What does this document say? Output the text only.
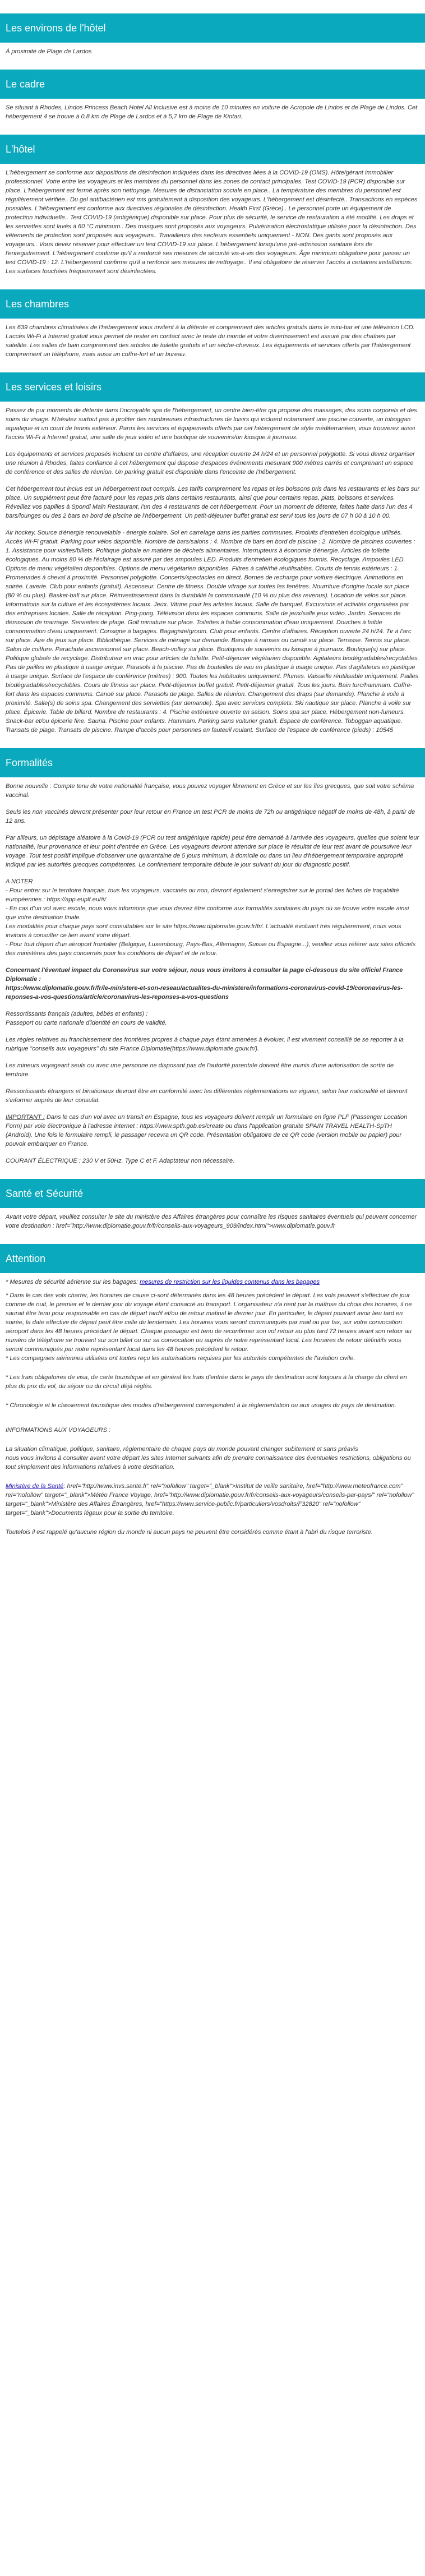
Les environs de l'hôtel

À proximité de Plage de Lardos

Le cadre

Se situant à Rhodes, Lindos Princess Beach Hotel All Inclusive est à moins de 10 minutes en voiture de Acropole de Lindos et de Plage de Lindos. Cet hébergement 4 se trouve à 0,8 km de Plage de Lardos et à 5,7 km de Plage de Kiotari.

L'hôtel

L'hébergement se conforme aux dispositions de désinfection indiquées dans les directives liées à la COVID-19 (OMS). Hôte/gérant immobilier professionnel. Votre entre les voyageurs et les membres du personnel dans les zones de contact principales. Test COVID-19 (PCR) disponible sur place. L'hébergement est fermé après son nettoyage. Mesures de distanciation sociale en place.. La température des membres du personnel est régulièrement vérifiée.. Du gel antibactérien est mis gratuitement à disposition des voyageurs. L'hébergement est désinfecté.. Transactions en espèces possibles. L'hébergement est conforme aux directives régionales de désinfection. Health First (Grèce).. Le personnel porte un équipement de protection individuelle.. Test COVID-19 (antigénique) disponible sur place. Pour plus de sécurité, le service de restauration a été modifié. Les draps et les serviettes sont lavés à 60 °C minimum.. Des masques sont proposés aux voyageurs. Pulvérisation électrostatique utilisée pour la désinfection. Des vêtements de protection sont proposés aux voyageurs.. Travailleurs des secteurs essentiels uniquement - NON. Des gants sont proposés aux voyageurs.. Vous devez réserver pour effectuer un test COVID-19 sur place. L'hébergement lorsqu'une pré-admission sanitaire lors de l'enregistrement. L'hébergement confirme qu'il a renforcé ses mesures de sécurité vis-à-vis des voyageurs. Âge minimum obligatoire pour passer un test COVID-19 : 12. L'hébergement confirme qu'il a renforcé ses mesures de nettoyage.. Il est obligatoire de réserver l'accès à certaines installations. Les surfaces touchées fréquemment sont désinfectées.

Les chambres

Les 639 chambres climatisées de l'hébergement vous invitent à la détente et comprennent des articles gratuits dans le mini-bar et une télévision LCD. Laccès Wi-Fi à Internet gratuit vous permet de rester en contact avec le reste du monde et votre divertissement est assuré par des chaînes par satellite. Les salles de bain comprennent des articles de toilette gratuits et un sèche-cheveux. Les équipements et services offerts par l'hébergement comprennent un téléphone, mais aussi un coffre-fort et un bureau.

Les services et loisirs

Passez de pur moments de détente dans l'incroyable spa de l'hébergement, un centre bien-être qui propose des massages, des soins corporels et des soins du visage. N'hésitez surtout pas à profiter des nombreuses infrastructures de loisirs qui incluent notamment une piscine couverte, un toboggan aquatique et un court de tennis extérieur. Parmi les services et équipements offerts par cet hébergement de style méditerranéen, vous trouverez aussi l'accès Wi-Fi à Internet gratuit, une salle de jeux vidéo et une boutique de souvenirs/un kiosque à journaux.

Les équipements et services proposés incluent un centre d'affaires, une réception ouverte 24 h/24 et un personnel polyglotte. Si vous devez organiser une réunion à Rhodes, faites confiance à cet hébergement qui dispose d'espaces événements mesurant 900 mètres carrés et comprenant un espace de conférence et des salles de réunion. Un parking gratuit est disponible dans l'enceinte de l'hébergement.

Cet hébergement tout inclus est un hébergement tout compris. Les tarifs comprennent les repas et les boissons pris dans les restaurants et les bars sur place. Un supplément peut être facturé pour les repas pris dans certains restaurants, ainsi que pour certains repas, plats, boissons et services. Réveillez vos papilles à Spondi Main Restaurant, l'un des 4 restaurants de cet hébergement. Pour un moment de détente, faites halte dans l'un des 4 bars/lounges ou des 2 bars en bord de piscine de l'hébergement. Un petit-déjeuner buffet gratuit est servi tous les jours de 07 h 00 à 10 h 00.

Air hockey. Source d'énergie renouvelable - énergie solaire. Sol en carrelage dans les parties communes. Produits d'entretien écologique utilisés. Accès Wi-Fi gratuit. Parking pour vélos disponible. Nombre de bars/salons : 4. Nombre de bars en bord de piscine : 2. Nombre de piscines couvertes : 1. Assistance pour visites/billets. Politique globale en matière de déchets alimentaires. Interrupteurs à économie d'énergie. Articles de toilette écologiques. Au moins 80 % de l'éclairage est assuré par des ampoules LED. Produits d'entretien écologiques fournis. Recyclage. Ampoules LED. Options de menu végétalien disponibles. Options de menu végétarien disponibles. Filtres à café/thé réutilisables. Courts de tennis extérieurs : 1. Promenades à cheval à proximité. Personnel polyglotte. Concerts/spectacles en direct. Bornes de recharge pour voiture électrique. Animations en soirée. Laverie. Club pour enfants (gratuit). Ascenseur. Centre de fitness. Double vitrage sur toutes les fenêtres. Nourriture d'origine locale sur place (80 % ou plus). Basket-ball sur place. Réinvestissement dans la durabilité la communauté (10 % ou plus des revenus). Location de vélos sur place. Informations sur la culture et les écosystèmes locaux. Jeux. Vitrine pour les artistes locaux. Salle de banquet. Excursions et activités organisées par des entreprises locales. Salle de réception. Ping-pong. Télévision dans les espaces communs. Salle de jeux/salle jeux vidéo. Jardin. Services de démission de marriage. Serviettes de plage. Golf miniature sur place. Toilettes à faible consommation d'eau uniquement. Douches à faible consommation d'eau uniquement. Consigne à bagages. Bagagiste/groom. Club pour enfants. Centre d'affaires. Réception ouverte 24 h/24. Tir à l'arc sur place. Aire de jeux sur place. Bibliothèque. Services de ménage sur demande. Banque à ramses ou canoë sur place. Terrasse. Tennis sur place. Salon de coiffure. Parachute ascensionnel sur place. Beach-volley sur place. Boutiques de souvenirs ou kiosque à journaux. Boutique(s) sur place. Politique globale de recyclage. Distributeur en vrac pour articles de toilette. Petit-déjeuner végétarien disponible. Agitateurs biodégradables/recyclables. Pas de pailles en plastique à usage unique. Parasols à la piscine. Pas de bouteilles de eau en plastique à usage unique. Pas d'agitateurs en plastique à usage unique. Surface de l'espace de conférence (mètres) : 900. Toutes les habitudes uniquement. Plumes. Vaisselle réutilisable uniquement. Pailles biodégradables/recyclables. Cours de fitness sur place. Petit-déjeuner buffet gratuit. Petit-déjeuner gratuit. Tous les jours. Bain turc/hammam. Coffre-fort dans les espaces communs. Canoë sur place. Parasols de plage. Salles de réunion. Changement des draps (sur demande). Planche à voile à proximité. Salle(s) de soins spa. Changement des serviettes (sur demande). Spa avec services complets. Ski nautique sur place. Planche à voile sur place. Épicerie. Table de billard. Nombre de restaurants : 4. Piscine extérieure ouverte en saison. Soins spa sur place. Hébergement non-fumeurs. Snack-bar et/ou épicerie fine. Sauna. Piscine pour enfants. Hammam. Parking sans voiturier gratuit. Espace de conférence. Toboggan aquatique. Transats de plage. Transats de piscine. Rampe d'accès pour personnes en fauteuil roulant. Surface de l'espace de conférence (pieds) : 10545

Formalités

Bonne nouvelle : Compte tenu de votre nationalité française, vous pouvez voyager librement en Grèce et sur les îles grecques, que soit votre schéma vaccinal.

Seuls les non vaccinés devront présenter pour leur retour en France un test PCR de moins de 72h ou antigénique négatif de moins de 48h, à partir de 12 ans.

Par ailleurs, un dépistage aléatoire à la Covid-19 (PCR ou test antigénique rapide) peut être demandé à l'arrivée des voyageurs, quelles que soient leur nationalité, leur provenance et leur point d'entrée en Grèce. Les voyageurs devront attendre sur place le résultat de leur test avant de poursuivre leur voyage. Tout test positif implique d'observer une quarantaine de 5 jours minimum, à domicile ou dans un lieu d'hébergement temporaire approprié indiqué par les autorités grecques compétentes. Le confinement temporaire débute le jour suivant du jour du diagnostic positif.

A NOTER
- Pour entrer sur le territoire français, tous les voyageurs, vaccinés ou non, devront également s'enregistrer sur le portail des fiches de traçabilité européennes : https://app.euplf.eu/#/
- En cas d'un vol avec escale, nous vous informons que vous devrez être conforme aux formalités sanitaires du pays où se trouve votre escale ainsi que votre destination finale.
Les modalités pour chaque pays sont consultables sur le site https://www.diplomatie.gouv.fr/fr/. L'actualité évoluant très régulièrement, nous vous invitons à consulter ce lien avant votre départ.
- Pour tout départ d'un aéroport frontalier (Belgique, Luxembourg, Pays-Bas, Allemagne, Suisse ou Espagne...), veuillez vous référer aux sites officiels des ministères des pays concernés pour les conditions de départ et de retour.

Concernant l'éventuel impact du Coronavirus sur votre séjour, nous vous invitons à consulter la page ci-dessous du site officiel France Diplomatie :
https://www.diplomatie.gouv.fr/fr/le-ministere-et-son-reseau/actualites-du-ministere/informations-coronavirus-covid-19/coronavirus-les-reponses-a-vos-questions/article/coronavirus-les-reponses-a-vos-questions

Ressortissants français (adultes, bébés et enfants) :
Passeport ou carte nationale d'identité en cours de validité.

Les règles relatives au franchissement des frontières propres à chaque pays étant amenées à évoluer, il est vivement conseillé de se reporter à la rubrique "conseils aux voyageurs" du site France Diplomatie(https://www.diplomatie.gouv.fr/).

Les mineurs voyageant seuls ou avec une personne ne disposant pas de l'autorité parentale doivent être munis d'une autorisation de sortie de territoire.

Ressortissants étrangers et binationaux devront être en conformité avec les différentes réglementations en vigueur, selon leur nationalité et devront s'informer auprès de leur consulat.

IMPORTANT : Dans le cas d'un vol avec un transit en Espagne, tous les voyageurs doivent remplir un formulaire en ligne PLF (Passenger Location Form) par voie électronique à l'adresse internet : https://www.spth.gob.es/create ou dans l'application gratuite SPAIN TRAVEL HEALTH-SpTH (Android). Une fois le formulaire rempli, le passager recevra un QR code. Présentation obligatoire de ce QR code (version mobile ou papier) pour pouvoir embarquer en France.

COURANT ÉLECTRIQUE : 230 V et 50Hz. Type C et F. Adaptateur non nécessaire.

Santé et Sécurité

Avant votre départ, veuillez consulter le site du ministère des Affaires étrangères pour connaître les risques sanitaires éventuels qui peuvent concerner votre destination : href="http://www.diplomatie.gouv.fr/fr/conseils-aux-voyageurs_909/index.html">www.diplomatie.gouv.fr

Attention

* Mesures de sécurité aérienne sur les bagages: mesures de restriction sur les liquides contenus dans les bagages

* Dans le cas des vols charter, les horaires de cause ci-sont déterminés dans les 48 heures précédent le départ. Les vols peuvent s'effectuer de jour comme de nuit, le premier et le dernier jour du voyage étant consacré au transport. L'organisateur n'a rient par la maîtrise du choix des horaires, il ne saurait être tenu pour responsable en cas de départ tardif et/ou de retour matinal le dernier jour. En particulier, le départ pouvant avoir lieu tard en soirée, la date effective de départ peut être celle du lendemain. Les horaires vous seront communiqués par mail ou par fax, sur votre convocation aéroport dans les 48 heures précédant le départ. Chaque passager est tenu de reconfirmer son vol retour au plus tard 72 heures avant son retour au numéro de téléphone se trouvant sur son billet ou sur sa convocation ou auprès de notre représentant local. Les horaires de retour définitifs vous seront communiqués par notre représentant local dans les 48 heures précédent le retour.
* Les compagnies aériennes utilisées ont toutes reçu les autorisations requises par les autorités compétentes de l'aviation civile.

* Les frais obligatoires de visa, de carte touristique et en général les frais d'entrée dans le pays de destination sont toujours à la charge du client en plus du prix du vol, du séjour ou du circuit déjà réglés.

* Chronologie et le classement touristique des modes d'hébergement correspondent à la réglementation ou aux usages du pays de destination.

INFORMATIONS AUX VOYAGEURS :

La situation climatique, politique, sanitaire, réglementaire de chaque pays du monde pouvant changer subitement et sans préavis
nous vous invitons à consulter avant votre départ les sites Internet suivants afin de prendre connaissance des éventuelles restrictions, obligations ou tout simplement des informations relatives à votre destination.

Ministère de la Santé: href="http://www.invs.sante.fr" rel="nofollow" target="_blank">Institut de veille sanitaire, href="http://www.meteofrance.com" rel="nofollow" target="_blank">Météo France Voyage, href="http://www.diplomatie.gouv.fr/fr/conseils-aux-voyageurs/conseils-par-pays/" rel="nofollow" target="_blank">Ministère des Affaires Étrangères, href="https://www.service-public.fr/particuliers/vosdroits/F32820" rel="nofollow" target="_blank">Documents légaux pour la sortie du territoire.

Toutefois il est rappelé qu'aucune région du monde ni aucun pays ne peuvent être considérés comme étant à l'abri du risque terroriste.
